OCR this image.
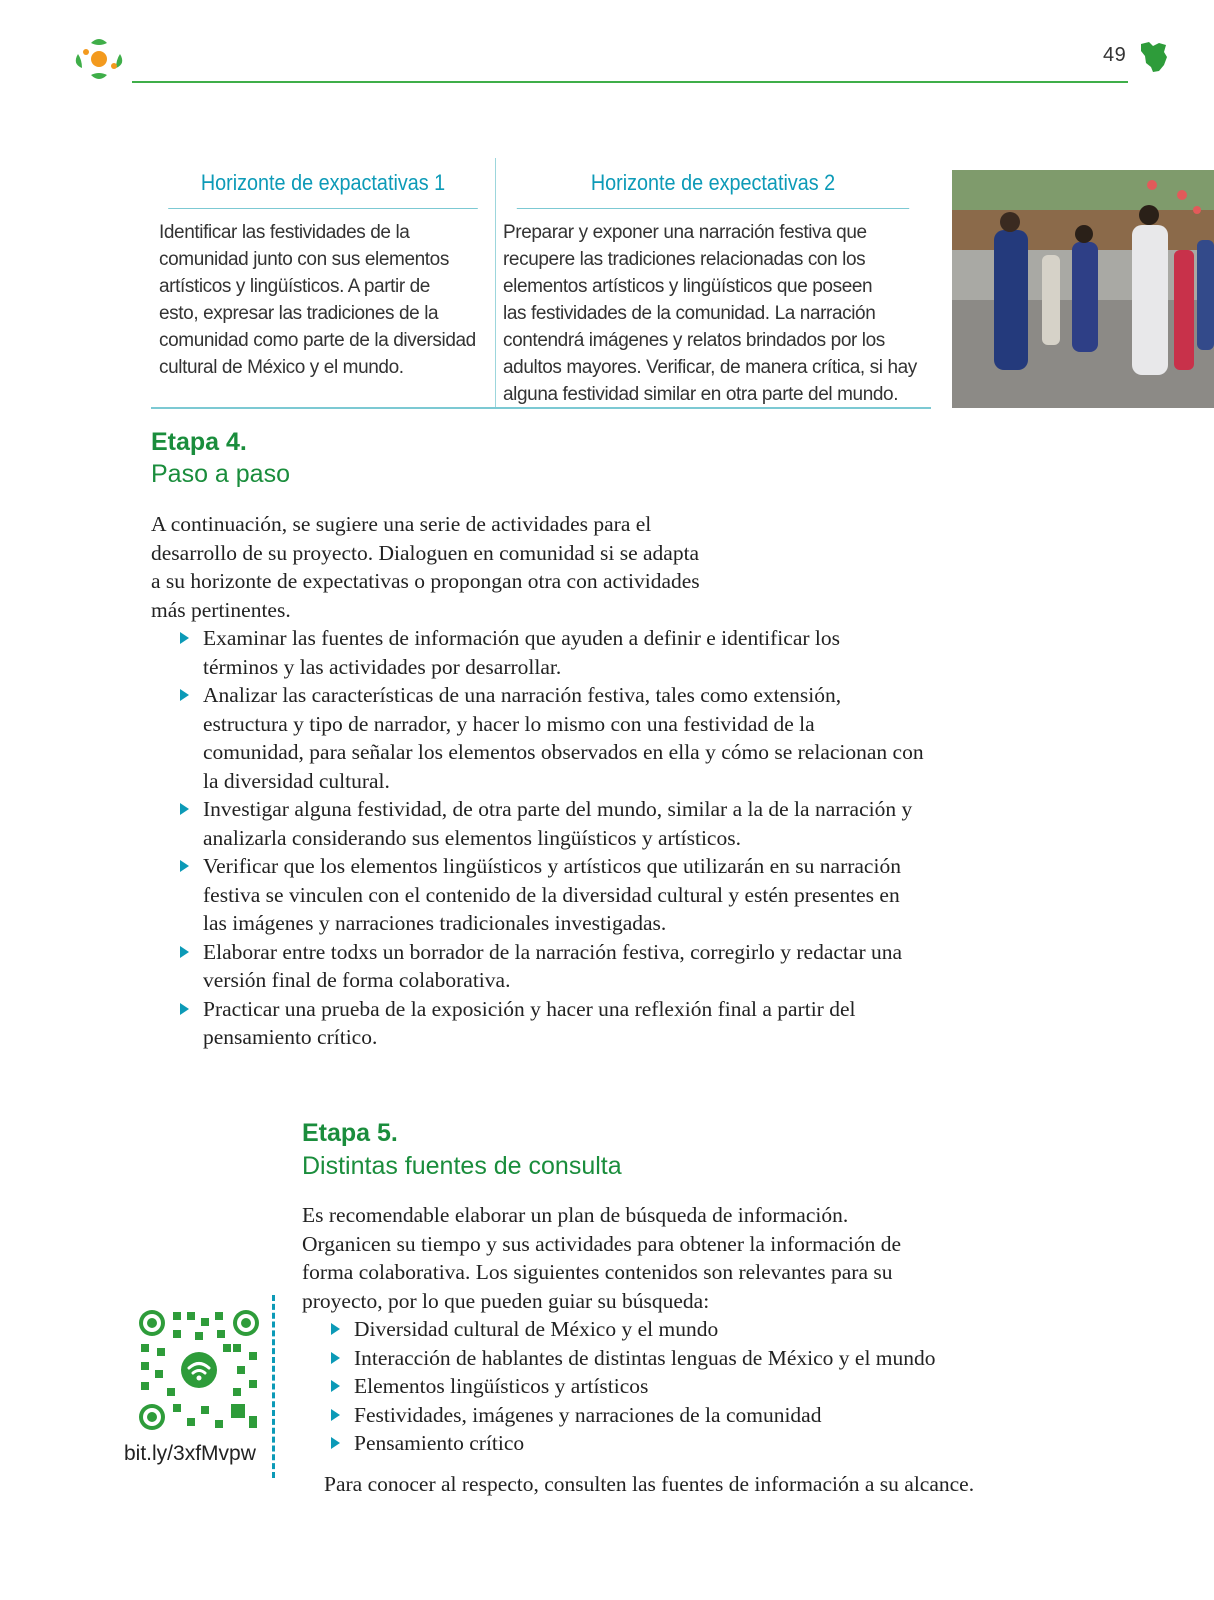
49
Horizonte de expactativas 1
Identificar las festividades de la
comunidad junto con sus elementos
artísticos y lingüísticos. A partir de
esto, expresar las tradiciones de la
comunidad como parte de la diversidad
cultural de México y el mundo.
Horizonte de expectativas 2
Preparar y exponer una narración festiva que
recupere las tradiciones relacionadas con los
elementos artísticos y lingüísticos que poseen
las festividades de la comunidad. La narración
contendrá imágenes y relatos brindados por los
adultos mayores. Verificar, de manera crítica, si hay
alguna festividad similar en otra parte del mundo.
Etapa 4.
Paso a paso

A continuación, se sugiere una serie de actividades para el

desarrollo de su proyecto. Dialoguen en comunidad si se adapta

a su horizonte de expectativas o propongan otra con actividades

más pertinentes.

Examinar las fuentes de información que ayuden a definir e identificar los
términos y las actividades por desarrollar.
Analizar las características de una narración festiva, tales como extensión,
estructura y tipo de narrador, y hacer lo mismo con una festividad de la
comunidad, para señalar los elementos observados en ella y cómo se relacionan con
la diversidad cultural.
Investigar alguna festividad, de otra parte del mundo, similar a la de la narración y
analizarla considerando sus elementos lingüísticos y artísticos.
Verificar que los elementos lingüísticos y artísticos que utilizarán en su narración
festiva se vinculen con el contenido de la diversidad cultural y estén presentes en
las imágenes y narraciones tradicionales investigadas.
Elaborar entre todxs un borrador de la narración festiva, corregirlo y redactar una
versión final de forma colaborativa.
Practicar una prueba de la exposición y hacer una reflexión final a partir del
pensamiento crítico.
Etapa 5.
Distintas fuentes de consulta

Es recomendable elaborar un plan de búsqueda de información.

Organicen su tiempo y sus actividades para obtener la información de

forma colaborativa. Los siguientes contenidos son relevantes para su

proyecto, por lo que pueden guiar su búsqueda:

Diversidad cultural de México y el mundo
Interacción de hablantes de distintas lenguas de México y el mundo
Elementos lingüísticos y artísticos
Festividades, imágenes y narraciones de la comunidad
Pensamiento crítico
Para conocer al respecto, consulten las fuentes de información a su alcance.
bit.ly/3xfMvpw
